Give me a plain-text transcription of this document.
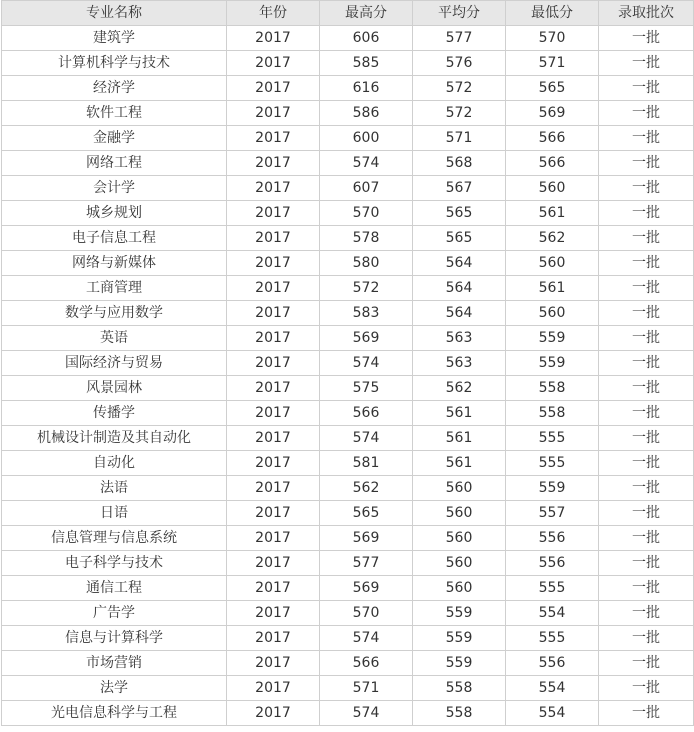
专业名称	年份	最高分	平均分	最低分	录取批次
建筑学	2017	606	577	570	一批
计算机科学与技术	2017	585	576	571	一批
经济学	2017	616	572	565	一批
软件工程	2017	586	572	569	一批
金融学	2017	600	571	566	一批
网络工程	2017	574	568	566	一批
会计学	2017	607	567	560	一批
城乡规划	2017	570	565	561	一批
电子信息工程	2017	578	565	562	一批
网络与新媒体	2017	580	564	560	一批
工商管理	2017	572	564	561	一批
数学与应用数学	2017	583	564	560	一批
英语	2017	569	563	559	一批
国际经济与贸易	2017	574	563	559	一批
风景园林	2017	575	562	558	一批
传播学	2017	566	561	558	一批
机械设计制造及其自动化	2017	574	561	555	一批
自动化	2017	581	561	555	一批
法语	2017	562	560	559	一批
日语	2017	565	560	557	一批
信息管理与信息系统	2017	569	560	556	一批
电子科学与技术	2017	577	560	556	一批
通信工程	2017	569	560	555	一批
广告学	2017	570	559	554	一批
信息与计算科学	2017	574	559	555	一批
市场营销	2017	566	559	556	一批
法学	2017	571	558	554	一批
光电信息科学与工程	2017	574	558	554	一批
